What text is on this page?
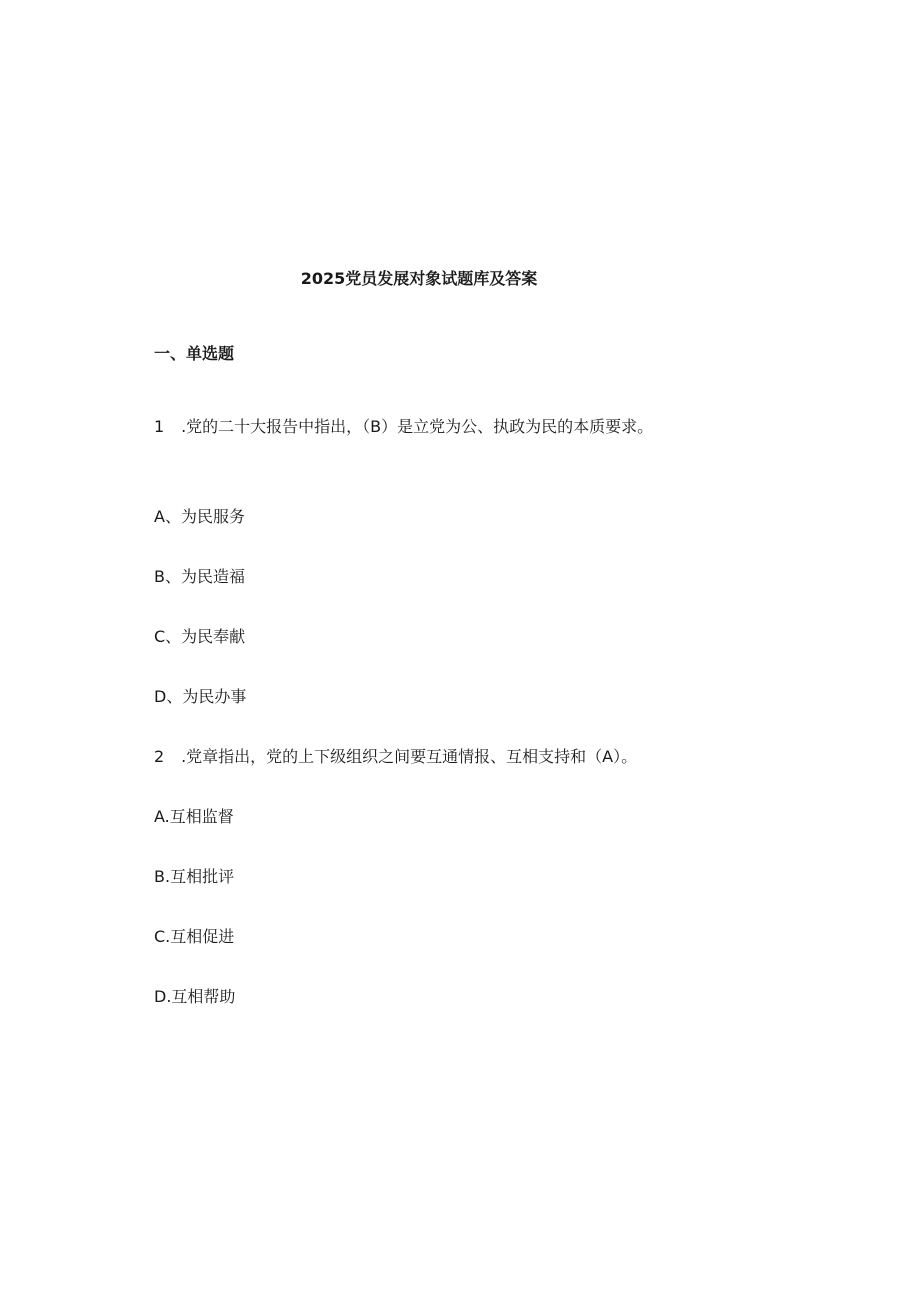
2025党员发展对象试题库及答案
一、单选题
1 .党的二十大报告中指出，（B）是立党为公、执政为民的本质要求。
A、为民服务
B、为民造福
C、为民奉献
D、为民办事
2 .党章指出，党的上下级组织之间要互通情报、互相支持和（A）。
A.互相监督
B.互相批评
C.互相促进
D.互相帮助
